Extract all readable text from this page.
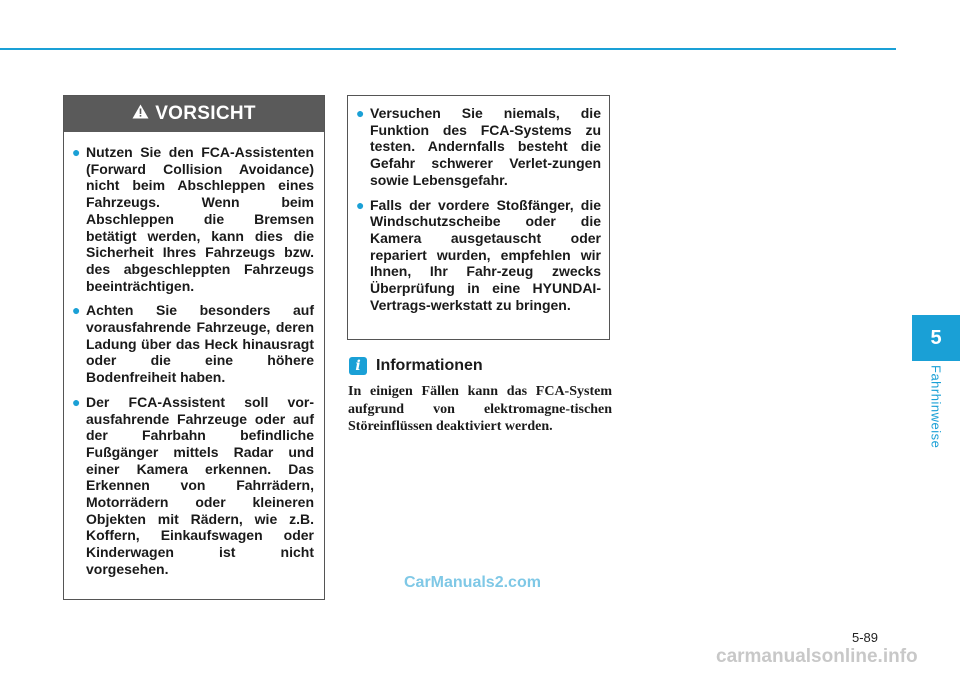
5
Fahrhinweise
VORSICHT
● Nutzen Sie den FCA-Assistenten (Forward Collision Avoidance) nicht beim Abschleppen eines Fahrzeugs. Wenn beim Abschleppen die Bremsen betätigt werden, kann dies die Sicherheit Ihres Fahrzeugs bzw. des abgeschleppten Fahrzeugs beeinträchtigen.
● Achten Sie besonders auf vorausfahrende Fahrzeuge, deren Ladung über das Heck hinausragt oder die eine höhere Bodenfreiheit haben.
● Der FCA-Assistent soll vor-ausfahrende Fahrzeuge oder auf der Fahrbahn befindliche Fußgänger mittels Radar und einer Kamera erkennen. Das Erkennen von Fahrrädern, Motorrädern oder kleineren Objekten mit Rädern, wie z.B. Koffern, Einkaufswagen oder Kinderwagen ist nicht vorgesehen.
● Versuchen Sie niemals, die Funktion des FCA-Systems zu testen. Andernfalls besteht die Gefahr schwerer Verlet-zungen sowie Lebensgefahr.
● Falls der vordere Stoßfänger, die Windschutzscheibe oder die Kamera ausgetauscht oder repariert wurden, empfehlen wir Ihnen, Ihr Fahr-zeug zwecks Überprüfung in eine HYUNDAI-Vertrags-werkstatt zu bringen.
i Informationen

In einigen Fällen kann das FCA-System aufgrund von elektromagne-tischen Störeinflüssen deaktiviert werden.

CarManuals2.com
5-89
carmanualsonline.info
